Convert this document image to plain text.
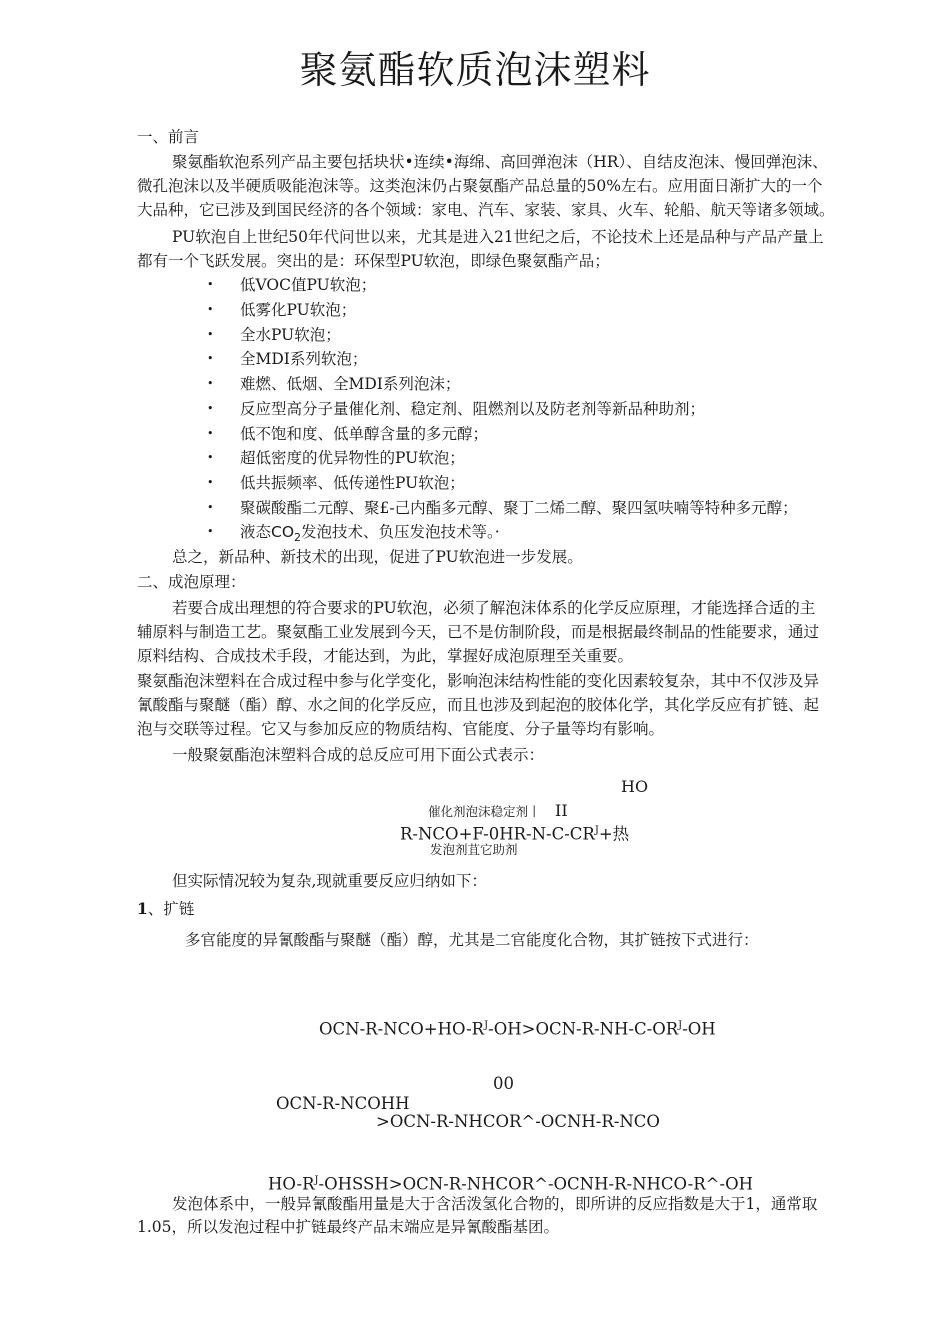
聚氨酯软质泡沫塑料
一、前言
聚氨酯软泡系列产品主要包括块状•连续•海绵、高回弹泡沫（HR）、自结皮泡沫、慢回弹泡沫、
微孔泡沫以及半硬质吸能泡沫等。这类泡沫仍占聚氨酯产品总量的50%左右。应用面日渐扩大的一个
大品种，它已涉及到国民经济的各个领域：家电、汽车、家装、家具、火车、轮船、航天等诸多领域。
PU软泡自上世纪50年代问世以来，尤其是进入21世纪之后，不论技术上还是品种与产品产量上
都有一个飞跃发展。突出的是：环保型PU软泡，即绿色聚氨酯产品；
• 低VOC值PU软泡；
• 低雾化PU软泡；
• 全水PU软泡；
• 全MDI系列软泡；
• 难燃、低烟、全MDI系列泡沫；
• 反应型高分子量催化剂、稳定剂、阻燃剂以及防老剂等新品种助剂；
• 低不饱和度、低单醇含量的多元醇；
• 超低密度的优异物性的PU软泡；
• 低共振频率、低传递性PU软泡；
• 聚碳酸酯二元醇、聚£-己内酯多元醇、聚丁二烯二醇、聚四氢呋喃等特种多元醇；
• 液态$CO_2$发泡技术、负压发泡技术等。·
总之，新品种、新技术的出现，促进了PU软泡进一步发展。
二、成泡原理：
若要合成出理想的符合要求的PU软泡，必须了解泡沫体系的化学反应原理，才能选择合适的主
辅原料与制造工艺。聚氨酯工业发展到今天，已不是仿制阶段，而是根据最终制品的性能要求，通过
原料结构、合成技术手段，才能达到，为此，掌握好成泡原理至关重要。
聚氨酯泡沫塑料在合成过程中参与化学变化，影响泡沫结构性能的变化因素较复杂，其中不仅涉及异
氰酸酯与聚醚（酯）醇、水之间的化学反应，而且也涉及到起泡的胶体化学，其化学反应有扩链、起
泡与交联等过程。它又与参加反应的物质结构、官能度、分子量等均有影响。
一般聚氨酯泡沫塑料合成的总反应可用下面公式表示：
HO
催化剂泡沫稳定剂丨 II
$R-NCO+F-0HR-N-C-CR^J+$热
发泡剂苴它助剂
但实际情况较为复杂,现就重要反应归纳如下：
1、扩链
多官能度的异氰酸酯与聚醚（酯）醇，尤其是二官能度化合物，其扩链按下式进行：
OCN-$R-NCO+HO-R^J-OH>OCN-R-NH-C-OR^J-OH$
00
OCN-R-NCOHH
>OCN-R-NHCOR^-OCNH-R-NCO
$HO-R^J-OHSSH>OCN-R-NHCOR\^{}-OCNH-R-NHCO-R\^{}-OH$
发泡体系中，一般异氰酸酯用量是大于含活泼氢化合物的，即所讲的反应指数是大于1，通常取
1.05，所以发泡过程中扩链最终产品末端应是异氰酸酯基团。
